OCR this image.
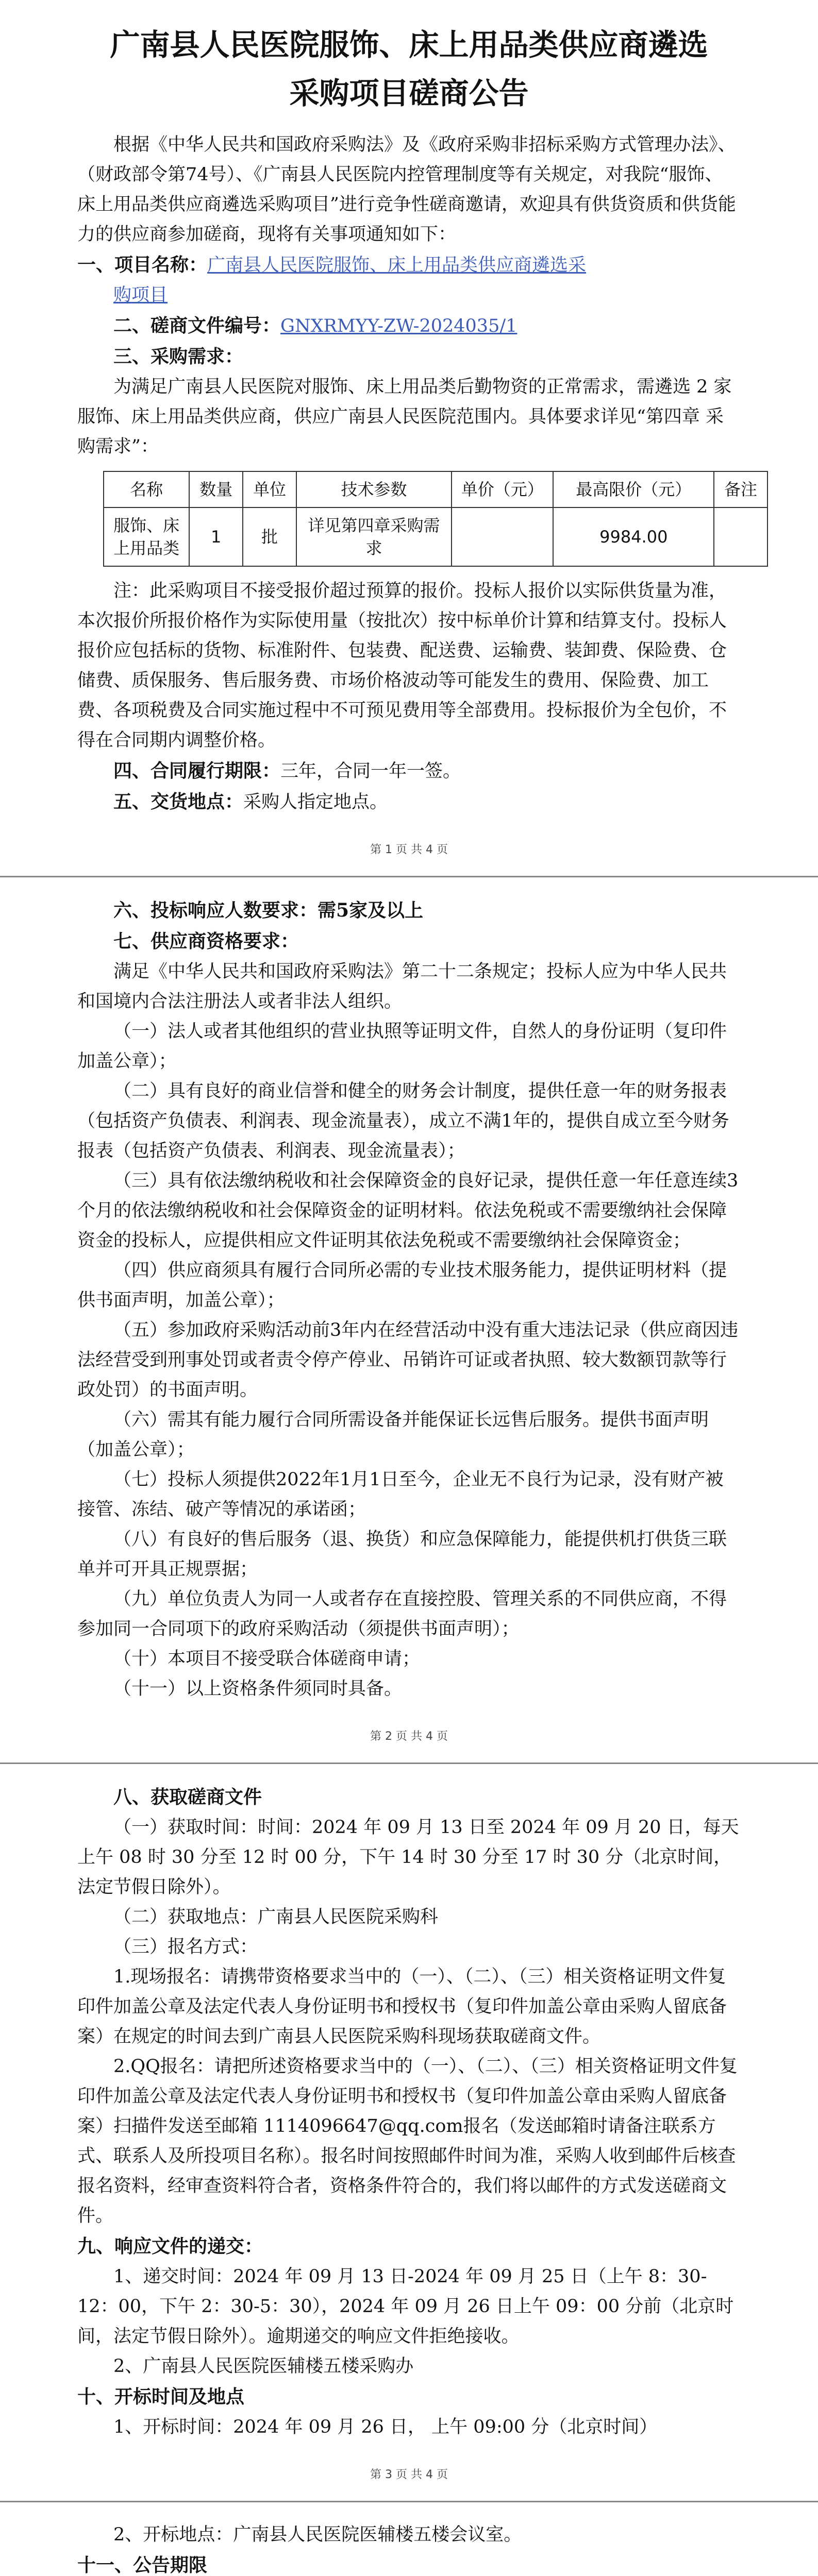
广南县人民医院服饰、床上用品类供应商遴选
采购项目磋商公告

根据《中华人民共和国政府采购法》及《政府采购非招标采购方式管理办法》、（财政部令第74号）、《广南县人民医院内控管理制度等有关规定，对我院“服饰、床上用品类供应商遴选采购项目”进行竞争性磋商邀请，欢迎具有供货资质和供货能力的供应商参加磋商，现将有关事项通知如下：

一、项目名称：广南县人民医院服饰、床上用品类供应商遴选采

购项目

二、磋商文件编号：GNXRMYY-ZW-2024035/1

三、采购需求：

为满足广南县人民医院对服饰、床上用品类后勤物资的正常需求，需遴选 2 家服饰、床上用品类供应商，供应广南县人民医院范围内。具体要求详见“第四章 采购需求”：

名称	数量	单位	技术参数	单价（元）	最高限价（元）	备注
服饰、床上用品类	1	批	详见第四章采购需求		9984.00	

注：此采购项目不接受报价超过预算的报价。投标人报价以实际供货量为准，本次报价所报价格作为实际使用量（按批次）按中标单价计算和结算支付。投标人报价应包括标的货物、标准附件、包装费、配送费、运输费、装卸费、保险费、仓储费、质保服务、售后服务费、市场价格波动等可能发生的费用、保险费、加工费、各项税费及合同实施过程中不可预见费用等全部费用。投标报价为全包价，不得在合同期内调整价格。

四、合同履行期限：三年，合同一年一签。

五、交货地点：采购人指定地点。

第 1 页 共 4 页

六、投标响应人数要求：需5家及以上

七、供应商资格要求：

满足《中华人民共和国政府采购法》第二十二条规定；投标人应为中华人民共和国境内合法注册法人或者非法人组织。

（一）法人或者其他组织的营业执照等证明文件，自然人的身份证明（复印件加盖公章）；

（二）具有良好的商业信誉和健全的财务会计制度，提供任意一年的财务报表（包括资产负债表、利润表、现金流量表），成立不满1年的，提供自成立至今财务报表（包括资产负债表、利润表、现金流量表）；

（三）具有依法缴纳税收和社会保障资金的良好记录，提供任意一年任意连续3个月的依法缴纳税收和社会保障资金的证明材料。依法免税或不需要缴纳社会保障资金的投标人，应提供相应文件证明其依法免税或不需要缴纳社会保障资金；

（四）供应商须具有履行合同所必需的专业技术服务能力，提供证明材料（提供书面声明，加盖公章）；

（五）参加政府采购活动前3年内在经营活动中没有重大违法记录（供应商因违法经营受到刑事处罚或者责令停产停业、吊销许可证或者执照、较大数额罚款等行政处罚）的书面声明。

（六）需其有能力履行合同所需设备并能保证长远售后服务。提供书面声明（加盖公章）；

（七）投标人须提供2022年1月1日至今，企业无不良行为记录，没有财产被接管、冻结、破产等情况的承诺函；

（八）有良好的售后服务（退、换货）和应急保障能力，能提供机打供货三联单并可开具正规票据；

（九）单位负责人为同一人或者存在直接控股、管理关系的不同供应商，不得参加同一合同项下的政府采购活动（须提供书面声明）；

（十）本项目不接受联合体磋商申请；

（十一）以上资格条件须同时具备。

第 2 页 共 4 页

八、获取磋商文件

（一）获取时间：时间：2024 年 09 月 13 日至 2024 年 09 月 20 日，每天上午 08 时 30 分至 12 时 00 分，下午 14 时 30 分至 17 时 30 分（北京时间，法定节假日除外）。

（二）获取地点：广南县人民医院采购科

（三）报名方式：

1.现场报名：请携带资格要求当中的（一）、（二）、（三）相关资格证明文件复印件加盖公章及法定代表人身份证明书和授权书（复印件加盖公章由采购人留底备案）在规定的时间去到广南县人民医院采购科现场获取磋商文件。

2.QQ报名：请把所述资格要求当中的（一）、（二）、（三）相关资格证明文件复印件加盖公章及法定代表人身份证明书和授权书（复印件加盖公章由采购人留底备案）扫描件发送至邮箱 1114096647@qq.com报名（发送邮箱时请备注联系方式、联系人及所投项目名称）。报名时间按照邮件时间为准，采购人收到邮件后核查报名资料，经审查资料符合者，资格条件符合的，我们将以邮件的方式发送磋商文件。

九、响应文件的递交：

1、递交时间：2024 年 09 月 13 日-2024 年 09 月 25 日（上午 8：30-12：00，下午 2：30-5：30），2024 年 09 月 26 日上午 09：00 分前（北京时间，法定节假日除外）。逾期递交的响应文件拒绝接收。

2、广南县人民医院医辅楼五楼采购办

十、开标时间及地点

1、开标时间：2024 年 09 月 26 日， 上午 09:00 分（北京时间）

第 3 页 共 4 页

2、开标地点：广南县人民医院医辅楼五楼会议室。

十一、公告期限
